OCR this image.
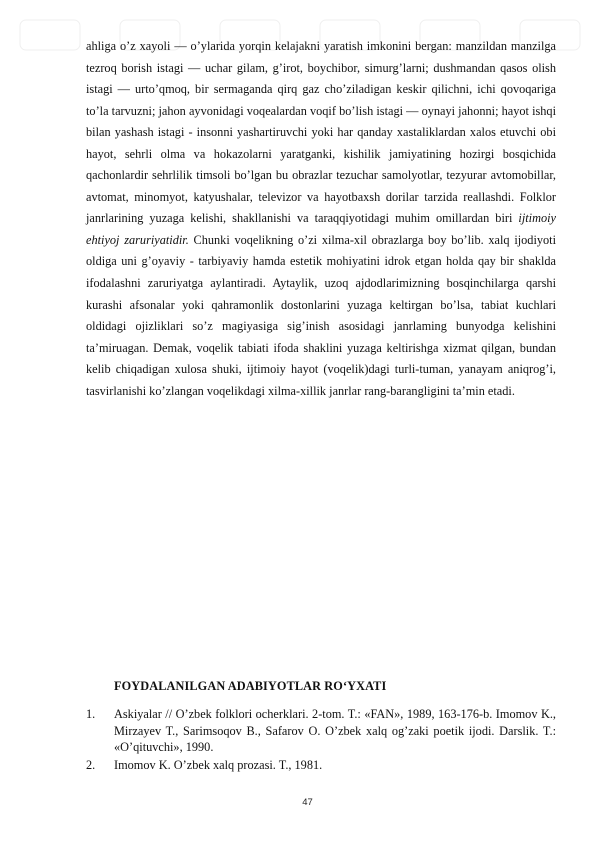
ahliga o’z xayoli — o’ylarida yorqin kelajakni yaratish imkonini bergan: manzildan manzilga tezroq borish istagi — uchar gilam, g’irot, boychibor, simurg’larni; dushmandan qasos olish istagi — urto’qmoq, bir sermaganda qirq gaz cho’ziladigan keskir qilichni, ichi qovoqariga to’la tarvuzni; jahon ayvonidagi voqealardan voqif bo’lish istagi — oynayi jahonni; hayot ishqi bilan yashash istagi - insonni yashartiruvchi yoki har qanday xastaliklardan xalos etuvchi obi hayot, sehrli olma va hokazolarni yaratganki, kishilik jamiyatining hozirgi bosqichida qachonlardir sehrlilik timsoli bo’lgan bu obrazlar tezuchar samolyotlar, tezyurar avtomobillar, avtomat, minomyot, katyushalar, televizor va hayotbaxsh dorilar tarzida reallashdi. Folklor janrlarining yuzaga kelishi, shakllanishi va taraqqiyotidagi muhim omillardan biri ijtimoiy ehtiyoj zaruriyatidir. Chunki voqelikning o’zi xilma-xil obrazlarga boy bo’lib. xalq ijodiyoti oldiga uni g’oyaviy - tarbiyaviy hamda estetik mohiyatini idrok etgan holda qay bir shaklda ifodalashni zaruriyatga aylantiradi. Aytaylik, uzoq ajdodlarimizning bosqinchilarga qarshi kurashi afsonalar yoki qahramonlik dostonlarini yuzaga keltirgan bo’lsa, tabiat kuchlari oldidagi ojizliklari so’z magiyasiga sig’inish asosidagi janrlaming bunyodga kelishini ta’miruagan. Demak, voqelik tabiati ifoda shaklini yuzaga keltirishga xizmat qilgan, bundan kelib chiqadigan xulosa shuki, ijtimoiy hayot (voqelik)dagi turli-tuman, yanayam aniqrog’i, tasvirlanishi ko’zlangan voqelikdagi xilma-xillik janrlar rang-barangligini ta’min etadi.

FOYDALANILGAN ADABIYOTLAR RO‘YXATI
1. Askiyalar // O’zbek folklori ocherklari. 2-tom. T.: «FAN», 1989, 163-176-b. Imomov K., Mirzayev T., Sarimsoqov B., Safarov O. O’zbek xalq og’zaki poetik ijodi. Darslik. T.: «O’qituvchi», 1990.
2. Imomov K. O’zbek xalq prozasi. T., 1981.
47
